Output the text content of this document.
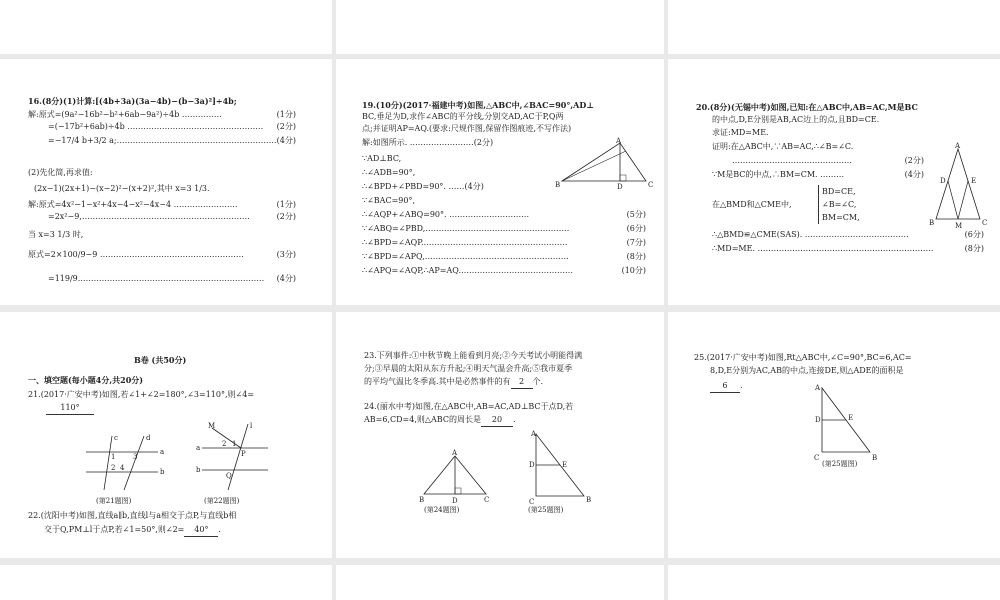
16.(8分)(1)计算:[(4b+3a)(3a−4b)−(b−3a)²]÷4b;
解:原式=(9a²−16b²−b²+6ab−9a²)÷4b ……………	(1分)
=(−17b²+6ab)÷4b …………………………………………… (2分)
=−17/4 b+3/2 a;…………………………………………………… (4分)
(2)先化简,再求值:
(2x−1)(2x+1)−(x−2)²−(x+2)²,其中 x=3 1/3.
解:原式=4x²−1−x²+4x−4−x²−4x−4 ……………………	(1分)
=2x²−9,………………………………………………………	(2分)
当 x=3 1/3 时,
原式=2×100/9−9 ………………………………………………	(3分)
=119/9.…………………………………………………………… (4分)
19.(10分)(2017·福建中考)如图,△ABC中,∠BAC=90°,AD⊥
BC,垂足为D,求作∠ABC的平分线,分别交AD,AC于P,Q两
点;并证明AP=AQ.(要求:尺规作图,保留作图痕迹,不写作法)
解:如图所示. ……………………(2分)
∵AD⊥BC,
∴∠ADB=90°,
∴∠BPD+∠PBD=90°. ……(4分)
∵∠BAC=90°,
∴∠AQP+∠ABQ=90°. …………………………	(5分)
∵∠ABQ=∠PBD,………………………………………………	(6分)
∴∠BPD=∠AQP.………………………………………………	(7分)
∵∠BPD=∠APQ,………………………………………………	(8分)
∴∠APQ=∠AQP,∴AP=AQ.……………………………………	(10分)
A
B	D	C
20.(8分)(无锡中考)如图,已知:在△ABC中,AB=AC,M是BC
的中点,D,E分别是AB,AC边上的点,且BD=CE.
求证:MD=ME.
证明:在△ABC中,∵AB=AC,∴∠B=∠C.
………………………………………	(2分)
∵M是BC的中点,∴BM=CM. ………	(4分)
在△BMD和△CME中,
BD=CE,
∠B=∠C,
BM=CM,
∴△BMD≌△CME(SAS). …………………………………	(6分)
∴MD=ME. …………………………………………………………	(8分)
A
D	E
B	M	C
B卷 (共50分)
一、填空题(每小题4分,共20分)
21.(2017·广安中考)如图,若∠1+∠2=180°,∠3=110°,则∠4=
110°
c	d
a
b
1
2 4
3
(第21题图)
M	l
a
b
P
Q
2 1
(第22题图)
22.(沈阳中考)如图,直线a∥b,直线l与a相交于点P,与直线b相
交于Q,PM⊥l于点P,若∠1=50°,则∠2= 40° .
23.下列事件:①中秋节晚上能看到月亮;②今天考试小明能得满
分;③早晨的太阳从东方升起;④明天气温会升高;⑤我市夏季
的平均气温比冬季高.其中是必然事件的有 2 个.
24.(丽水中考)如图,在△ABC中,AB=AC,AD⊥BC于点D,若
AB=6,CD=4,则△ABC的周长是 20 .
A
B	D	C
(第24题图)
A
D	E
C	B
(第25题图)
25.(2017·广安中考)如图,Rt△ABC中,∠C=90°,BC=6,AC=
8,D,E分别为AC,AB的中点,连接DE,则△ADE的面积是
6 .	A
D	E
C	B
(第25题图)
